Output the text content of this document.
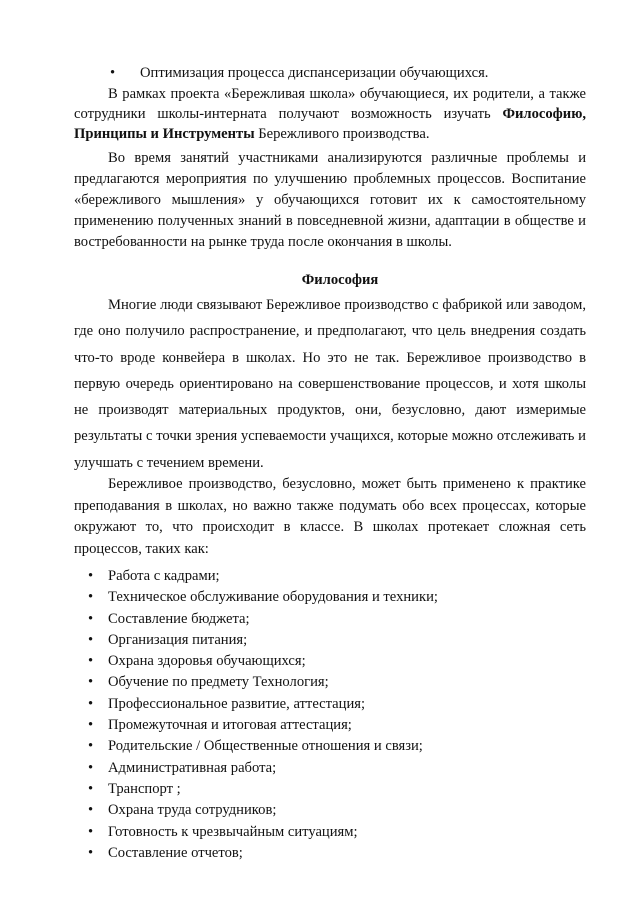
• Оптимизация процесса диспансеризации обучающихся.

В рамках проекта «Бережливая школа» обучающиеся, их родители, а также сотрудники школы-интерната получают возможность изучать Философию, Принципы и Инструменты Бережливого производства.

Во время занятий участниками анализируются различные проблемы и предлагаются мероприятия по улучшению проблемных процессов. Воспитание «бережливого мышления» у обучающихся готовит их к самостоятельному применению полученных знаний в повседневной жизни, адаптации в обществе и востребованности на рынке труда после окончания в школы.

Философия

Многие люди связывают Бережливое производство с фабрикой или заводом, где оно получило распространение, и предполагают, что цель внедрения создать что-то вроде конвейера в школах. Но это не так. Бережливое производство в первую очередь ориентировано на совершенствование процессов, и хотя школы не производят материальных продуктов, они, безусловно, дают измеримые результаты с точки зрения успеваемости учащихся, которые можно отслеживать и улучшать с течением времени.

Бережливое производство, безусловно, может быть применено к практике преподавания в школах, но важно также подумать обо всех процессах, которые окружают то, что происходит в классе. В школах протекает сложная сеть процессов, таких как:

• Работа с кадрами;
• Техническое обслуживание оборудования и техники;
• Составление бюджета;
• Организация питания;
• Охрана здоровья обучающихся;
• Обучение по предмету Технология;
• Профессиональное развитие, аттестация;
• Промежуточная и итоговая аттестация;
• Родительские / Общественные отношения и связи;
• Административная работа;
• Транспорт ;
• Охрана труда сотрудников;
• Готовность к чрезвычайным ситуациям;
• Составление отчетов;
